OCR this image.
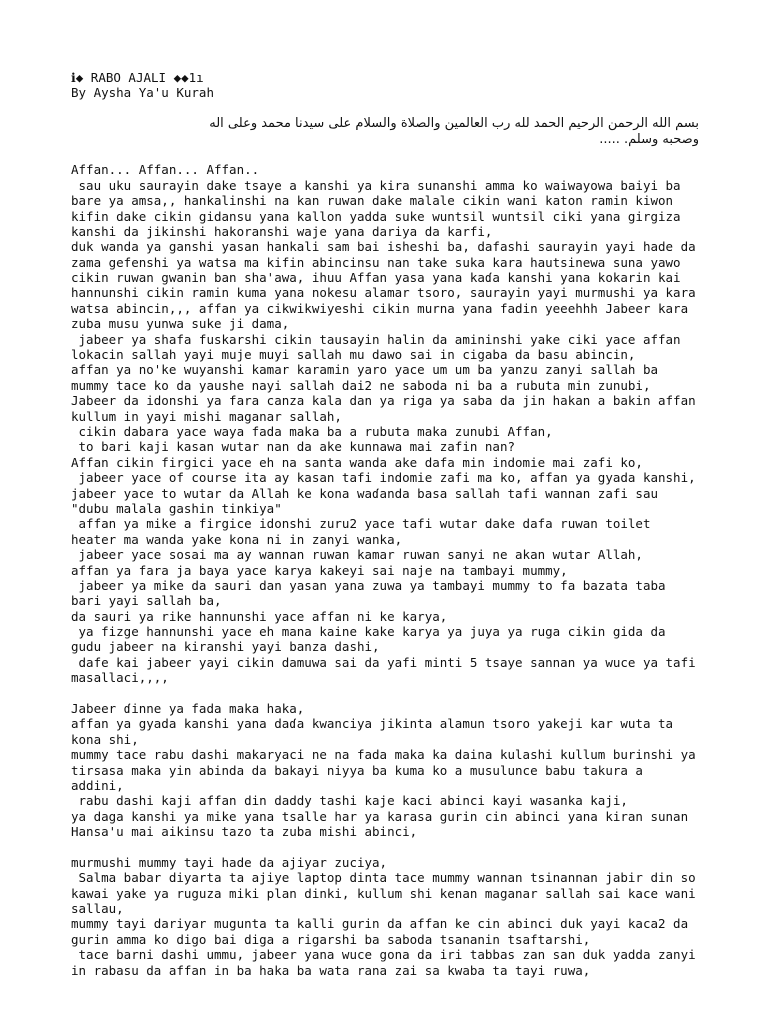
ℹ◆ RABO AJALI ◆◆1ı
By Aysha Ya'u Kurah
بسم الله الرحمن الرحيم الحمد لله رب العالمين والصلاة والسلام على سيدنا محمد وعلى اله
وصحبه وسلم. .....
Affan... Affan... Affan..
sau uku saurayin dake tsaye a kanshi ya kira sunanshi amma ko waiwayowa baiyi ba
bare ya amsa,, hankalinshi na kan ruwan dake malale cikin wani katon ramin kiwon
kifin dake cikin gidansu yana kallon yadda suke wuntsil wuntsil ciki yana girgiza
kanshi da jikinshi hakoranshi waje yana dariya da karfi,
duk wanda ya ganshi yasan hankali sam bai isheshi ba, dafashi saurayin yayi hade da
zama gefenshi ya watsa ma kifin abincinsu nan take suka kara hautsinewa suna yawo
cikin ruwan gwanin ban sha'awa, ihuu Affan yasa yana kaɗa kanshi yana kokarin kai
hannunshi cikin ramin kuma yana nokesu alamar tsoro, saurayin yayi murmushi ya kara
watsa abincin,,, affan ya cikwikwiyeshi cikin murna yana fadin yeeehhh Jabeer kara
zuba musu yunwa suke ji dama,
jabeer ya shafa fuskarshi cikin tausayin halin da amininshi yake ciki yace affan
lokacin sallah yayi muje muyi sallah mu dawo sai in cigaba da basu abincin,
affan ya no'ke wuyanshi kamar karamin yaro yace um um ba yanzu zanyi sallah ba
mummy tace ko da yaushe nayi sallah dai2 ne saboda ni ba a rubuta min zunubi,
Jabeer da idonshi ya fara canza kala dan ya riga ya saba da jin hakan a bakin affan
kullum in yayi mishi maganar sallah,
cikin dabara yace waya fada maka ba a rubuta maka zunubi Affan,
to bari kaji kasan wutar nan da ake kunnawa mai zafin nan?
Affan cikin firgici yace eh na santa wanda ake dafa min indomie mai zafi ko,
jabeer yace of course ita ay kasan tafi indomie zafi ma ko, affan ya gyada kanshi,
jabeer yace to wutar da Allah ke kona waɗanda basa sallah tafi wannan zafi sau
"dubu malala gashin tinkiya"
affan ya mike a firgice idonshi zuru2 yace tafi wutar dake dafa ruwan toilet
heater ma wanda yake kona ni in zanyi wanka,
jabeer yace sosai ma ay wannan ruwan kamar ruwan sanyi ne akan wutar Allah,
affan ya fara ja baya yace karya kakeyi sai naje na tambayi mummy,
jabeer ya mike da sauri dan yasan yana zuwa ya tambayi mummy to fa bazata taba
bari yayi sallah ba,
da sauri ya rike hannunshi yace affan ni ke karya,
ya fizge hannunshi yace eh mana kaine kake karya ya juya ya ruga cikin gida da
gudu jabeer na kiranshi yayi banza dashi,
dafe kai jabeer yayi cikin damuwa sai da yafi minti 5 tsaye sannan ya wuce ya tafi
masallaci,,,,
Jabeer ɗinne ya fada maka haka,
affan ya gyada kanshi yana daɗa kwanciya jikinta alamun tsoro yakeji kar wuta ta
kona shi,
mummy tace rabu dashi makaryaci ne na fada maka ka daina kulashi kullum burinshi ya
tirsasa maka yin abinda da bakayi niyya ba kuma ko a musulunce babu takura a
addini,
rabu dashi kaji affan din daddy tashi kaje kaci abinci kayi wasanka kaji,
ya daga kanshi ya mike yana tsalle har ya karasa gurin cin abinci yana kiran sunan
Hansa'u mai aikinsu tazo ta zuba mishi abinci,
murmushi mummy tayi hade da ajiyar zuciya,
Salma babar diyarta ta ajiye laptop dinta tace mummy wannan tsinannan jabir din so
kawai yake ya ruguza miki plan dinki, kullum shi kenan maganar sallah sai kace wani
sallau,
mummy tayi dariyar mugunta ta kalli gurin da affan ke cin abinci duk yayi kaca2 da
gurin amma ko digo bai diga a rigarshi ba saboda tsananin tsaftarshi,
tace barni dashi ummu, jabeer yana wuce gona da iri tabbas zan san duk yadda zanyi
in rabasu da affan in ba haka ba wata rana zai sa kwaba ta tayi ruwa,
